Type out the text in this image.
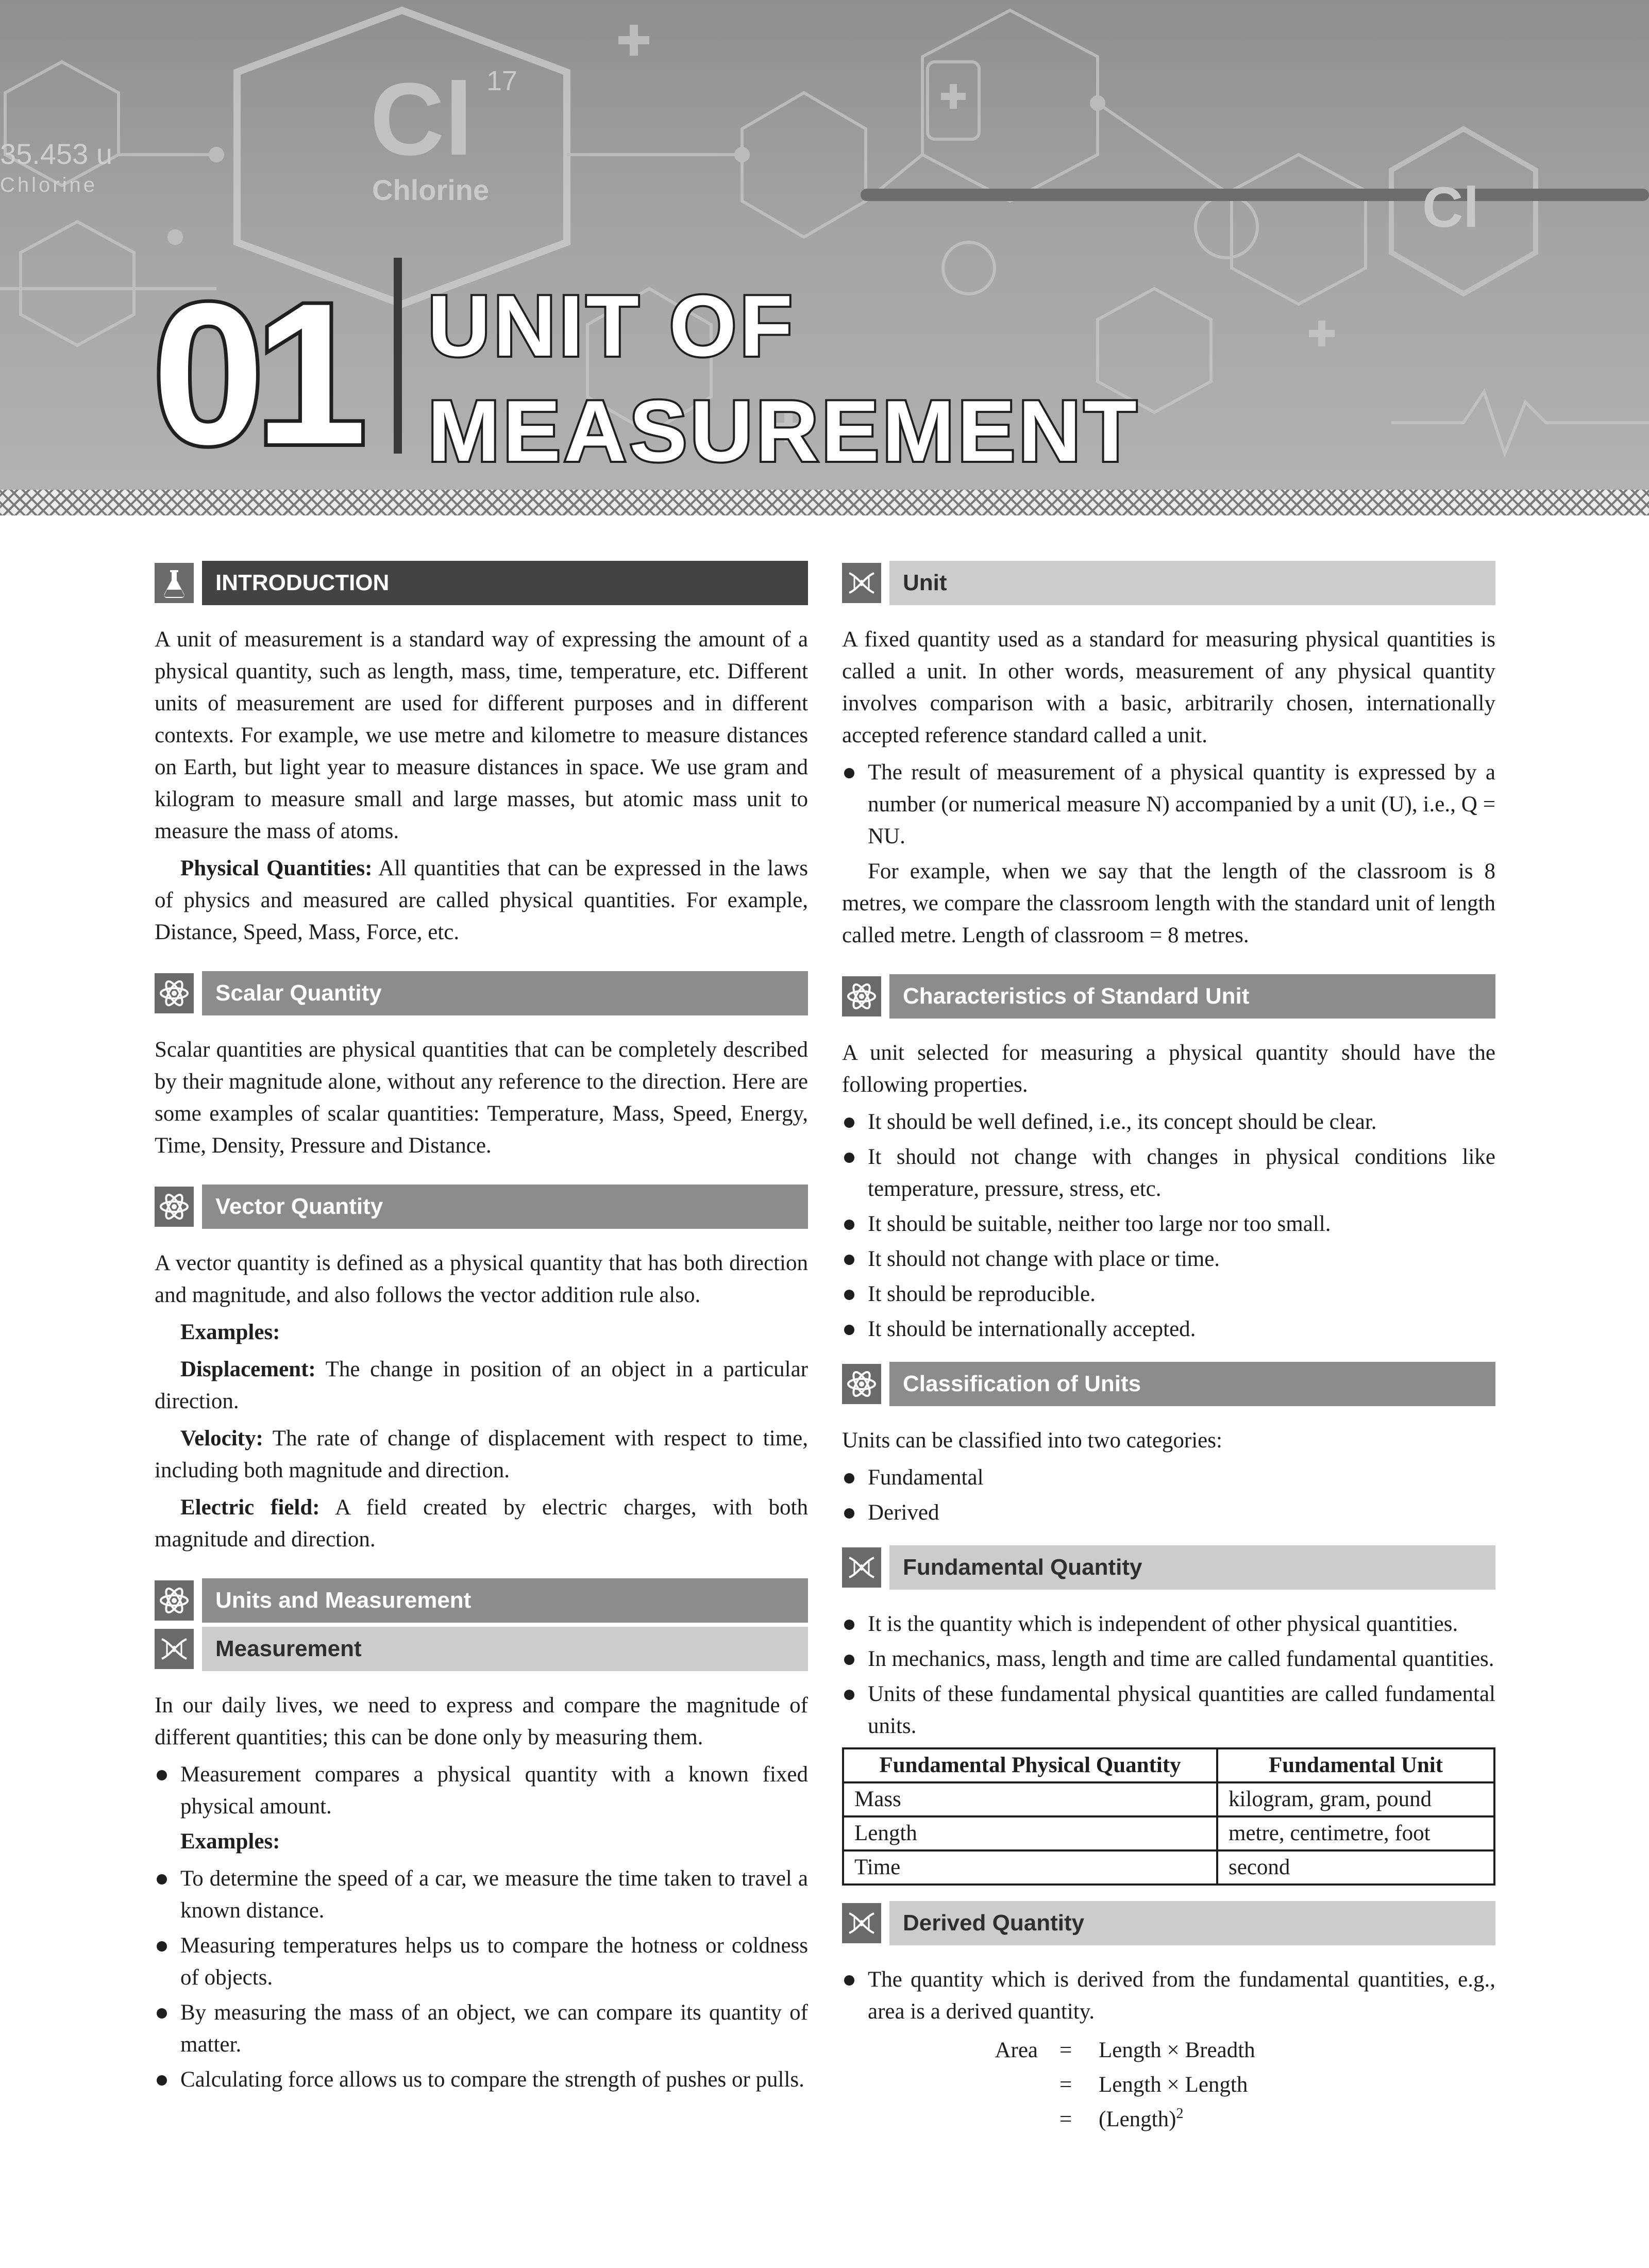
Cl 17
35.453 u
Chlorine	Chlorine	Cl
01 UNIT OF
MEASUREMENT
INTRODUCTION

A unit of measurement is a standard way of expressing the amount of a physical quantity, such as length, mass, time, temperature, etc. Different units of measurement are used for different purposes and in different contexts. For example, we use metre and kilometre to measure distances on Earth, but light year to measure distances in space. We use gram and kilogram to measure small and large masses, but atomic mass unit to measure the mass of atoms.

Physical Quantities: All quantities that can be expressed in the laws of physics and measured are called physical quantities. For example, Distance, Speed, Mass, Force, etc.

Scalar Quantity

Scalar quantities are physical quantities that can be completely described by their magnitude alone, without any reference to the direction. Here are some examples of scalar quantities: Temperature, Mass, Speed, Energy, Time, Density, Pressure and Distance.

Vector Quantity

A vector quantity is defined as a physical quantity that has both direction and magnitude, and also follows the vector addition rule also.

Examples:

Displacement: The change in position of an object in a particular direction.

Velocity: The rate of change of displacement with respect to time, including both magnitude and direction.

Electric field: A field created by electric charges, with both magnitude and direction.

Units and Measurement
Measurement

In our daily lives, we need to express and compare the magnitude of different quantities; this can be done only by measuring them.

Measurement compares a physical quantity with a known fixed physical amount.

Examples:

To determine the speed of a car, we measure the time taken to travel a known distance.
Measuring temperatures helps us to compare the hotness or coldness of objects.
By measuring the mass of an object, we can compare its quantity of matter.
Calculating force allows us to compare the strength of pushes or pulls.
Unit

A fixed quantity used as a standard for measuring physical quantities is called a unit. In other words, measurement of any physical quantity involves comparison with a basic, arbitrarily chosen, internationally accepted reference standard called a unit.

The result of measurement of a physical quantity is expressed by a number (or numerical measure N) accompanied by a unit (U), i.e., Q = NU.

For example, when we say that the length of the classroom is 8 metres, we compare the classroom length with the standard unit of length called metre. Length of classroom = 8 metres.

Characteristics of Standard Unit

A unit selected for measuring a physical quantity should have the following properties.

It should be well defined, i.e., its concept should be clear.
It should not change with changes in physical conditions like temperature, pressure, stress, etc.
It should be suitable, neither too large nor too small.
It should not change with place or time.
It should be reproducible.
It should be internationally accepted.
Classification of Units

Units can be classified into two categories:

Fundamental
Derived
Fundamental Quantity
It is the quantity which is independent of other physical quantities.
In mechanics, mass, length and time are called fundamental quantities.
Units of these fundamental physical quantities are called fundamental units.
Fundamental Physical Quantity	Fundamental Unit
Mass	kilogram, gram, pound
Length	metre, centimetre, foot
Time	second
Derived Quantity
The quantity which is derived from the fundamental quantities, e.g., area is a derived quantity.
Area = Length × Breadth
= Length × Length
= (Length)$^2$
